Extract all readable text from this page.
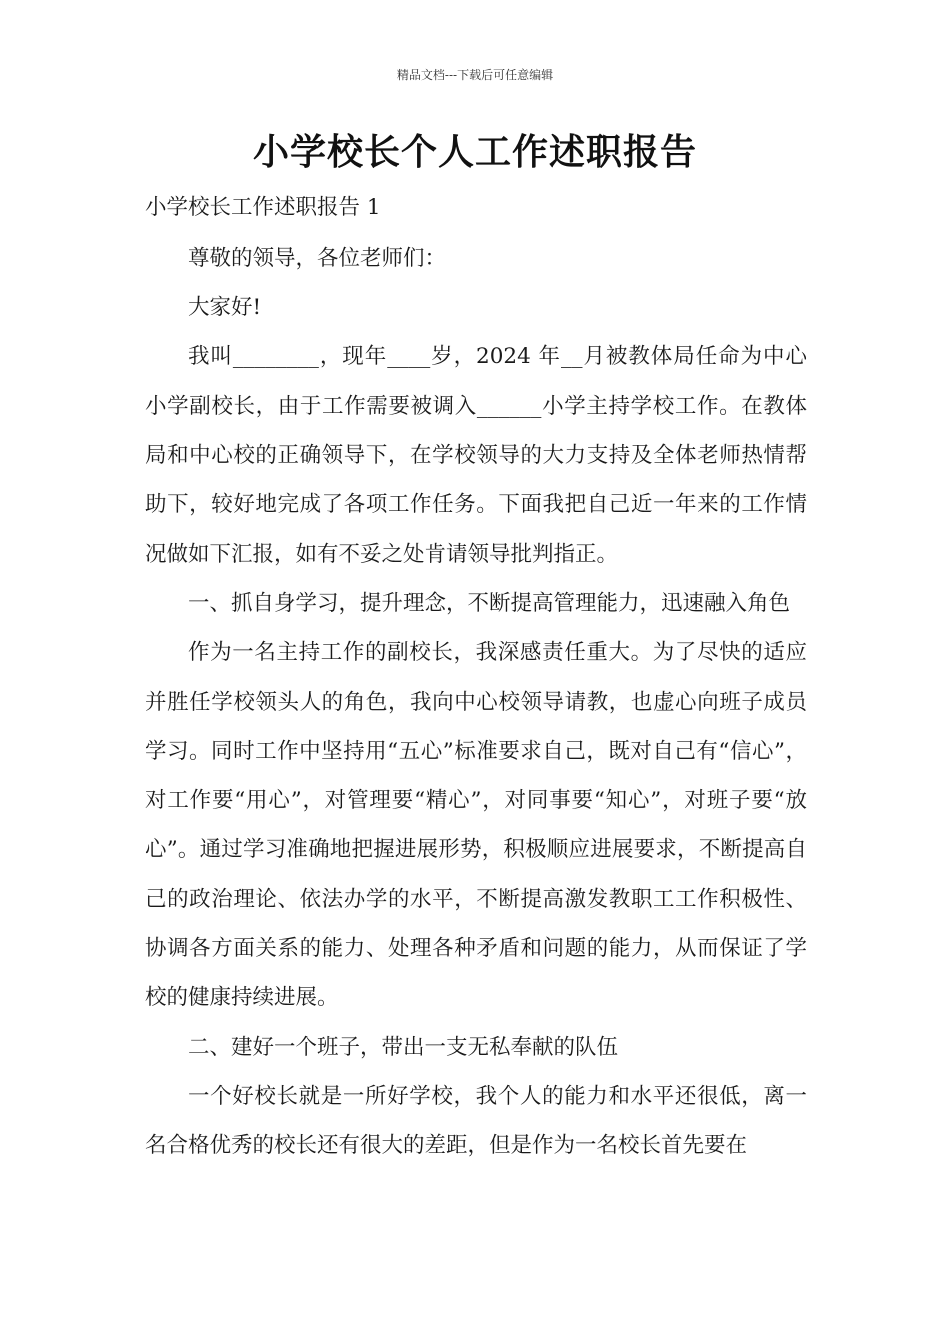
精品文档---下载后可任意编辑
小学校长个人工作述职报告

小学校长工作述职报告 1

尊敬的领导，各位老师们：

大家好!

我叫________，现年____岁，2024 年__月被教体局任命为中心小学副校长，由于工作需要被调入______小学主持学校工作。在教体局和中心校的正确领导下，在学校领导的大力支持及全体老师热情帮助下，较好地完成了各项工作任务。下面我把自己近一年来的工作情况做如下汇报，如有不妥之处肯请领导批判指正。

一、抓自身学习，提升理念，不断提高管理能力，迅速融入角色

作为一名主持工作的副校长，我深感责任重大。为了尽快的适应并胜任学校领头人的角色，我向中心校领导请教，也虚心向班子成员学习。同时工作中坚持用“五心”标准要求自己，既对自己有“信心”，对工作要“用心”，对管理要“精心”，对同事要“知心”，对班子要“放心”。通过学习准确地把握进展形势，积极顺应进展要求，不断提高自己的政治理论、依法办学的水平，不断提高激发教职工工作积极性、协调各方面关系的能力、处理各种矛盾和问题的能力，从而保证了学校的健康持续进展。

二、建好一个班子，带出一支无私奉献的队伍

一个好校长就是一所好学校，我个人的能力和水平还很低，离一名合格优秀的校长还有很大的差距，但是作为一名校长首先要在
